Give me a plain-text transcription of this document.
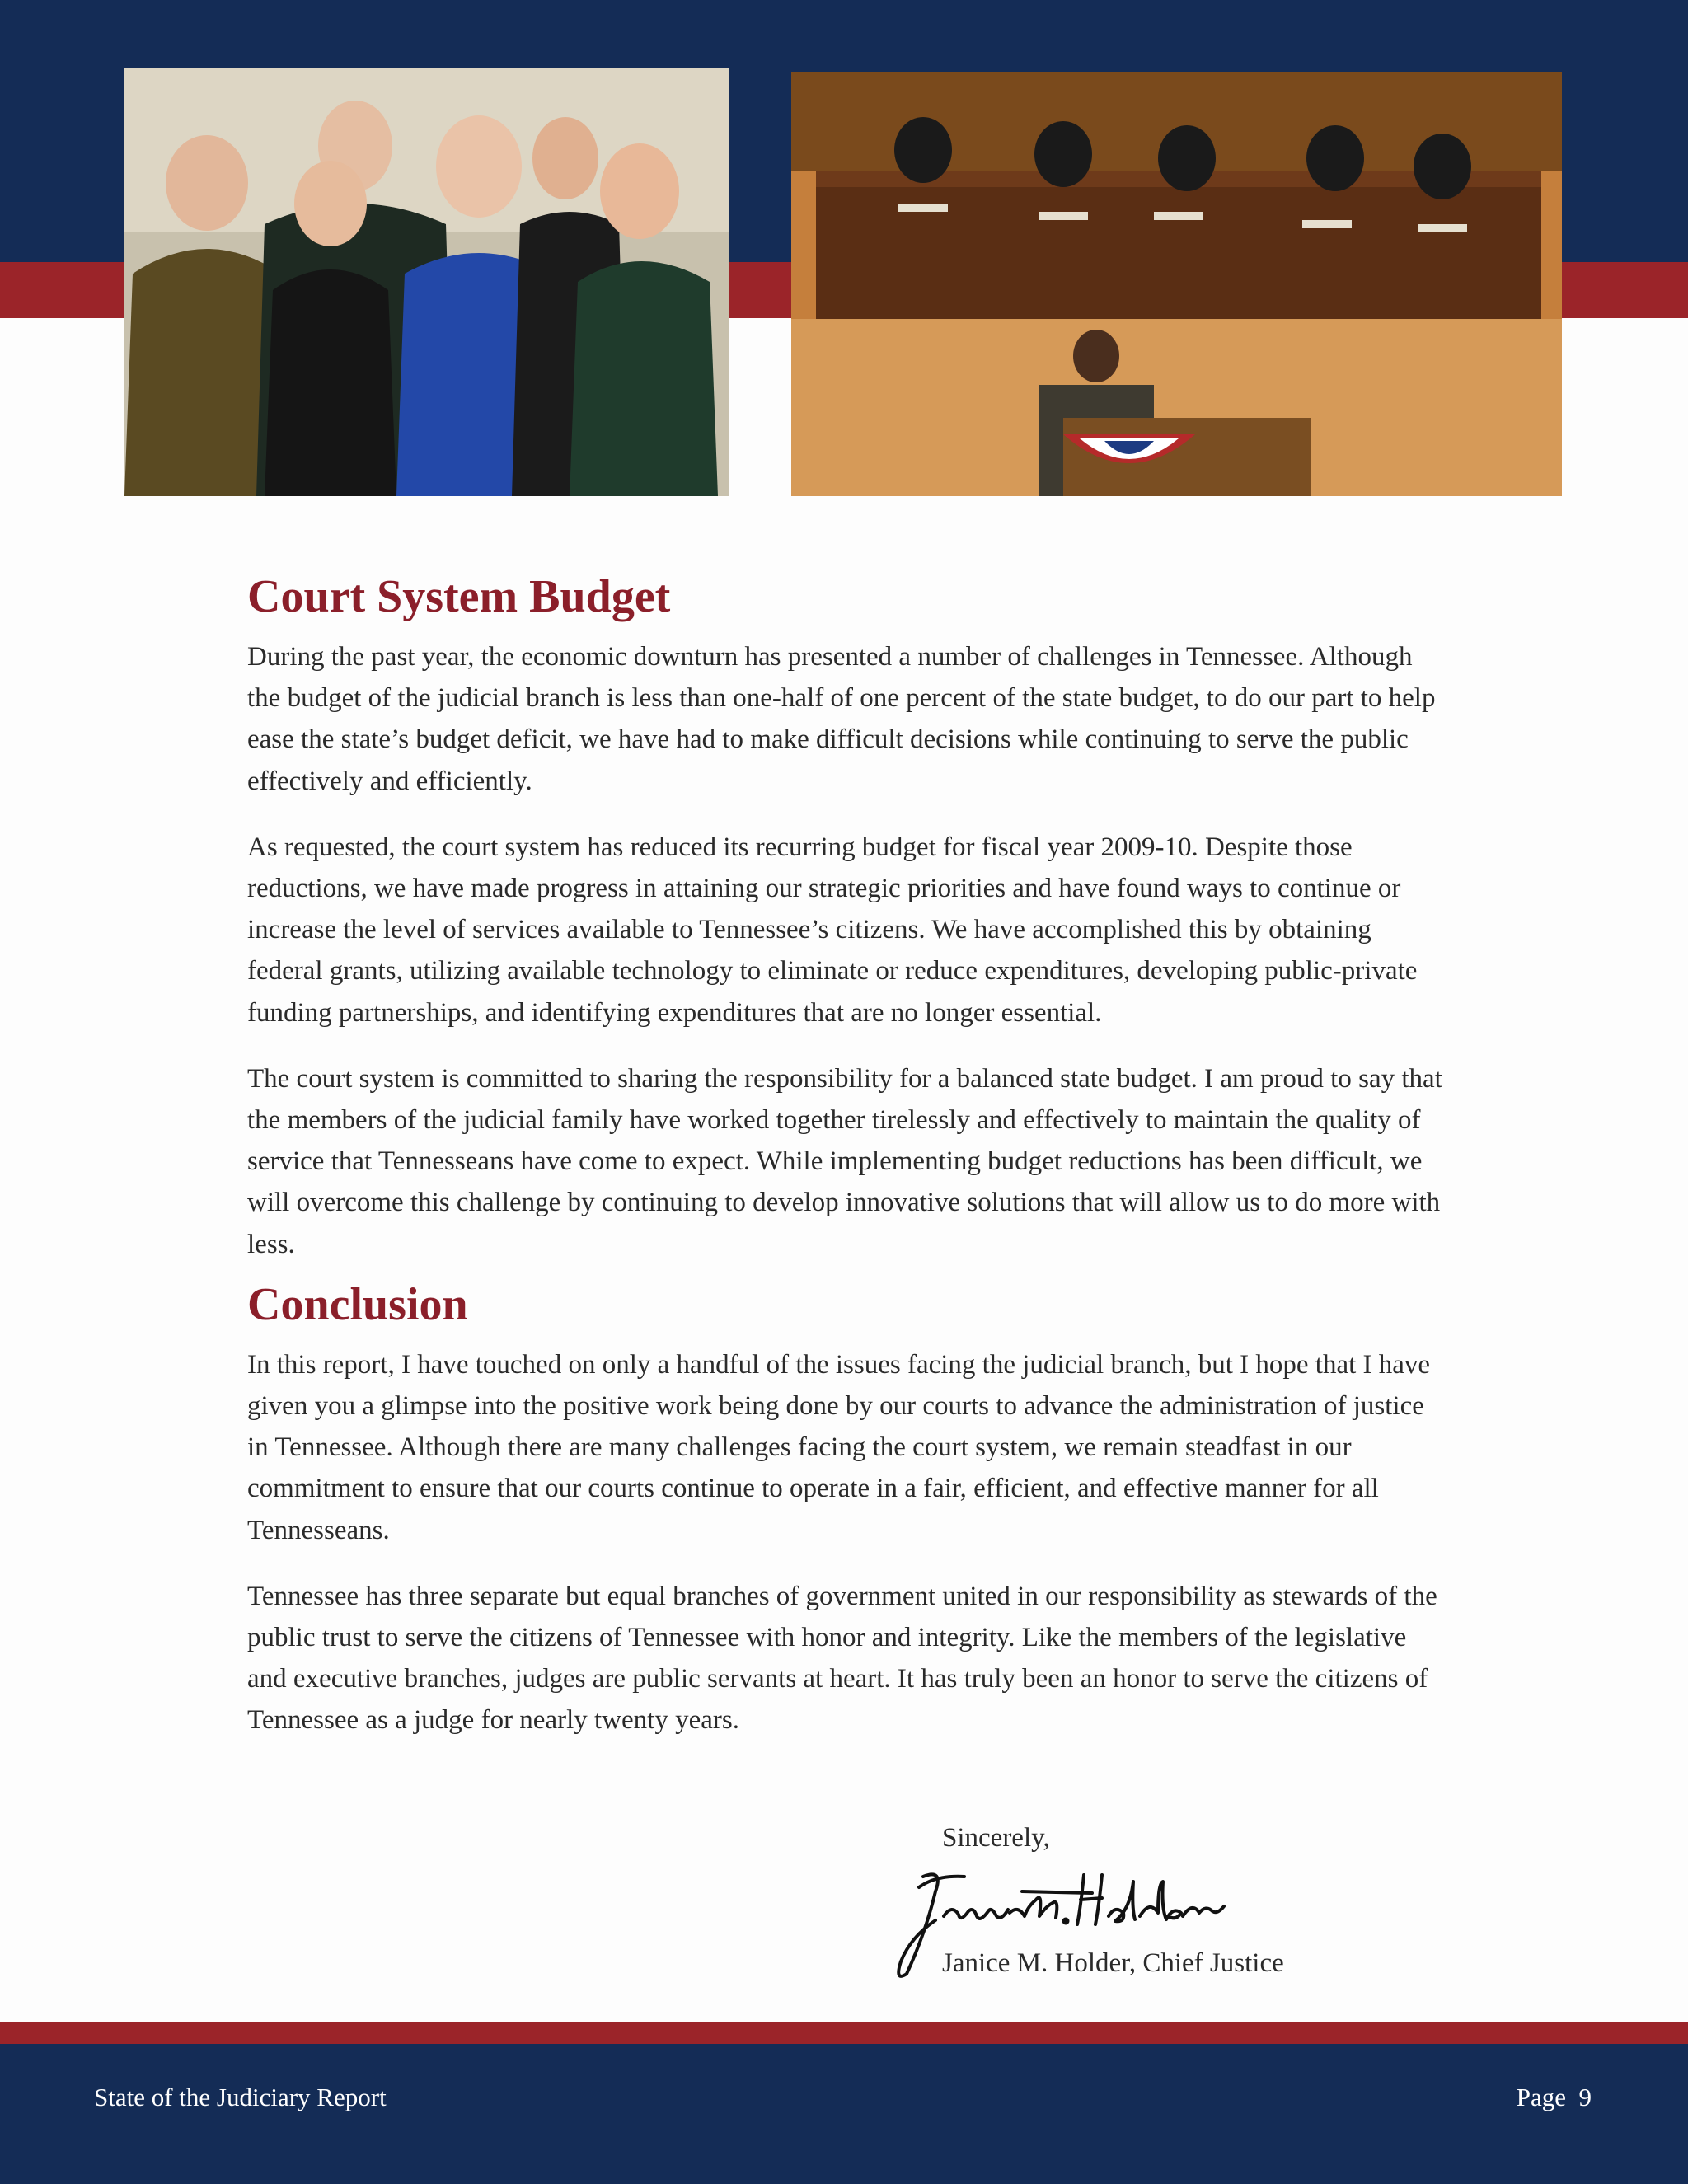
Court System Budget

During the past year, the economic downturn has presented a number of challenges in Tennessee. Although the budget of the judicial branch is less than one-half of one percent of the state budget, to do our part to help ease the state’s budget deficit, we have had to make difficult decisions while continuing to serve the public effectively and efficiently.

As requested, the court system has reduced its recurring budget for fiscal year 2009-10. Despite those reductions, we have made progress in attaining our strategic priorities and have found ways to continue or increase the level of services available to Tennessee’s citizens. We have accomplished this by obtaining federal grants, utilizing available technology to eliminate or reduce expenditures, developing public-private funding partnerships, and identifying expenditures that are no longer essential.

The court system is committed to sharing the responsibility for a balanced state budget. I am proud to say that the members of the judicial family have worked together tirelessly and effectively to maintain the quality of service that Tennesseans have come to expect. While implementing budget reductions has been difficult, we will overcome this challenge by continuing to develop innovative solutions that will allow us to do more with less.

Conclusion

In this report, I have touched on only a handful of the issues facing the judicial branch, but I hope that I have given you a glimpse into the positive work being done by our courts to advance the administration of justice in Tennessee. Although there are many challenges facing the court system, we remain steadfast in our commitment to ensure that our courts continue to operate in a fair, efficient, and effective manner for all Tennesseans.

Tennessee has three separate but equal branches of government united in our responsibility as stewards of the public trust to serve the citizens of Tennessee with honor and integrity. Like the members of the legislative and executive branches, judges are public servants at heart. It has truly been an honor to serve the citizens of Tennessee as a judge for nearly twenty years.

Sincerely,
Janice M. Holder, Chief Justice
State of the Judiciary Report	Page  9
